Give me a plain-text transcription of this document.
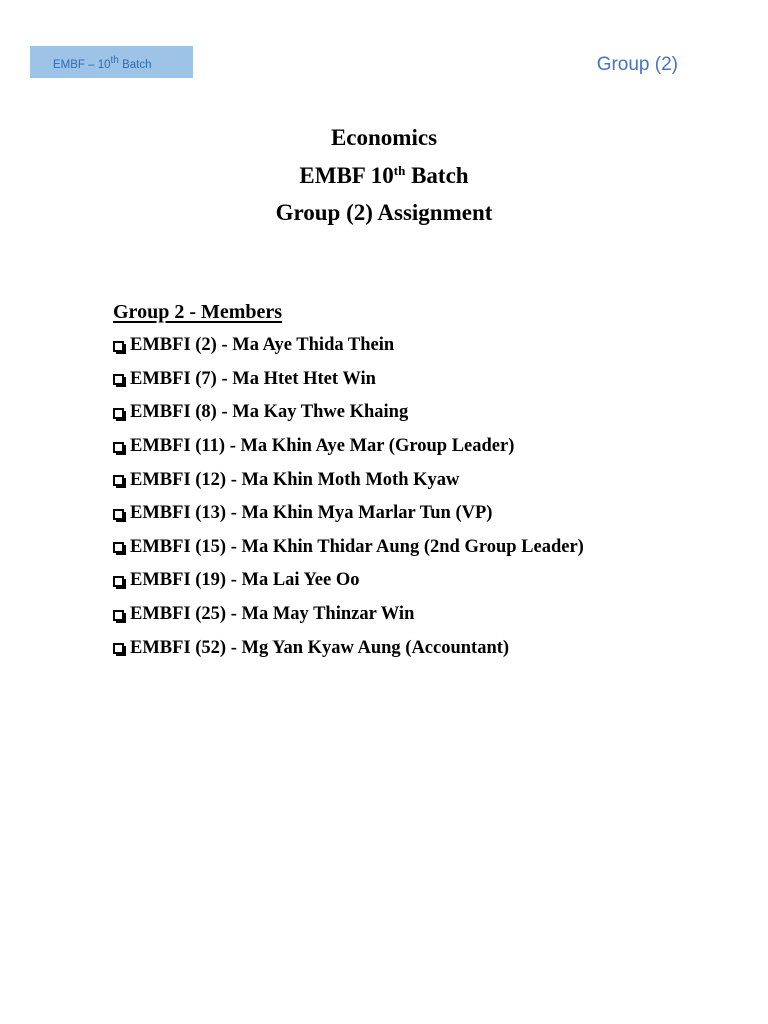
EMBF – 10th Batch	Group (2)
Economics
EMBF 10th Batch
Group (2) Assignment
Group 2 - Members
EMBFI (2) - Ma Aye Thida Thein
EMBFI (7) - Ma Htet Htet Win
EMBFI (8) - Ma Kay Thwe Khaing
EMBFI (11) - Ma Khin Aye Mar (Group Leader)
EMBFI (12) - Ma Khin Moth Moth Kyaw
EMBFI (13) - Ma Khin Mya Marlar Tun (VP)
EMBFI (15) - Ma Khin Thidar Aung (2nd Group Leader)
EMBFI (19) - Ma Lai Yee Oo
EMBFI (25) - Ma May Thinzar Win
EMBFI (52) - Mg Yan Kyaw Aung (Accountant)
